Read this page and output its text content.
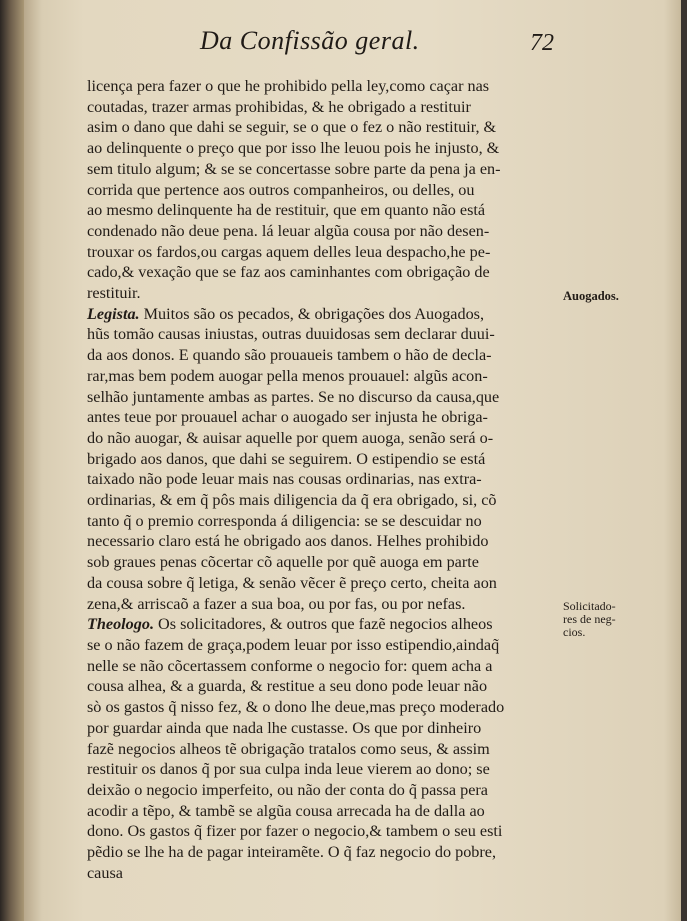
Da Confissão geral.	72
licença pera fazer o que he prohibido pella ley,como caçar nas
coutadas, trazer armas prohibidas, & he obrigado a restituir
asim o dano que dahi se seguir, se o que o fez o não restituir, &
ao delinquente o preço que por isso lhe leuou pois he injusto, &
sem titulo algum; & se se concertasse sobre parte da pena ja en-
corrida que pertence aos outros companheiros, ou delles, ou
ao mesmo delinquente ha de restituir, que em quanto não está
condenado não deue pena. lá leuar algũa cousa por não desen-
trouxar os fardos,ou cargas aquem delles leua despacho,he pe-
cado,& vexação que se faz aos caminhantes com obrigação de
restituir.
Legista. Muitos são os pecados, & obrigações dos Auogados,
hũs tomão causas iniustas, outras duuidosas sem declarar duui-
da aos donos. E quando são prouaueis tambem o hão de decla-
rar,mas bem podem auogar pella menos prouauel: algũs acon-
selhão juntamente ambas as partes. Se no discurso da causa,que
antes teue por prouauel achar o auogado ser injusta he obriga-
do não auogar, & auisar aquelle por quem auoga, senão será o-
brigado aos danos, que dahi se seguirem. O estipendio se está
taixado não pode leuar mais nas cousas ordinarias, nas extra-
ordinarias, & em q̃ pôs mais diligencia da q̃ era obrigado, si, cõ
tanto q̃ o premio corresponda á diligencia: se se descuidar no
necessario claro está he obrigado aos danos. Helhes prohibido
sob graues penas cõcertar cõ aquelle por quẽ auoga em parte
da cousa sobre q̃ letiga, & senão vẽcer ẽ preço certo, cheita aon
zena,& arriscaõ a fazer a sua boa, ou por fas, ou por nefas.
Theologo. Os solicitadores, & outros que fazẽ negocios alheos
se o não fazem de graça,podem leuar por isso estipendio,aindaq̃
nelle se não cõcertassem conforme o negocio for: quem acha a
cousa alhea, & a guarda, & restitue a seu dono pode leuar não
sò os gastos q̃ nisso fez, & o dono lhe deue,mas preço moderado
por guardar ainda que nada lhe custasse. Os que por dinheiro
fazẽ negocios alheos tẽ obrigação tratalos como seus, & assim
restituir os danos q̃ por sua culpa inda leue vierem ao dono; se
deixão o negocio imperfeito, ou não der conta do q̃ passa pera
acodir a tẽpo, & tambẽ se algũa cousa arrecada ha de dalla ao
dono. Os gastos q̃ fizer por fazer o negocio,& tambem o seu esti
pẽdio se lhe ha de pagar inteiramẽte. O q̃ faz negocio do pobre,
causa
Auogados.
Solicitado-
res de neg-
cios.
